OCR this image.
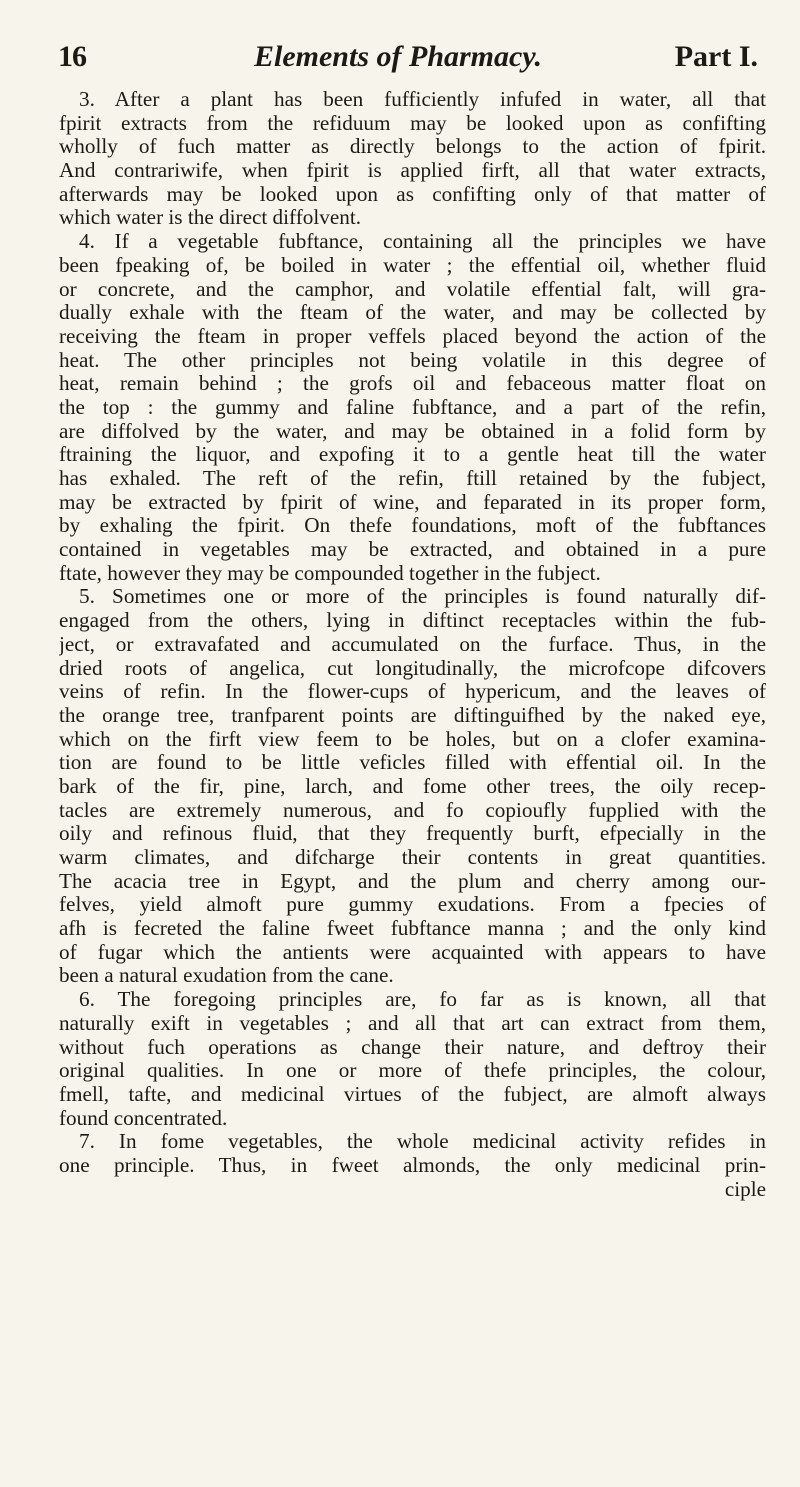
16	Elements of Pharmacy.	Part I.
3. After a plant has been fufficiently infufed in water, all that
fpirit extracts from the refiduum may be looked upon as confifting
wholly of fuch matter as directly belongs to the action of fpirit.
And contrariwife, when fpirit is applied firft, all that water extracts,
afterwards may be looked upon as confifting only of that matter of
which water is the direct diffolvent.
4. If a vegetable fubftance, containing all the principles we have
been fpeaking of, be boiled in water ; the effential oil, whether fluid
or concrete, and the camphor, and volatile effential falt, will gra-
dually exhale with the fteam of the water, and may be collected by
receiving the fteam in proper veffels placed beyond the action of the
heat. The other principles not being volatile in this degree of
heat, remain behind ; the grofs oil and febaceous matter float on
the top : the gummy and faline fubftance, and a part of the refin,
are diffolved by the water, and may be obtained in a folid form by
ftraining the liquor, and expofing it to a gentle heat till the water
has exhaled. The reft of the refin, ftill retained by the fubject,
may be extracted by fpirit of wine, and feparated in its proper form,
by exhaling the fpirit. On thefe foundations, moft of the fubftances
contained in vegetables may be extracted, and obtained in a pure
ftate, however they may be compounded together in the fubject.
5. Sometimes one or more of the principles is found naturally dif-
engaged from the others, lying in diftinct receptacles within the fub-
ject, or extravafated and accumulated on the furface. Thus, in the
dried roots of angelica, cut longitudinally, the microfcope difcovers
veins of refin. In the flower-cups of hypericum, and the leaves of
the orange tree, tranfparent points are diftinguifhed by the naked eye,
which on the firft view feem to be holes, but on a clofer examina-
tion are found to be little veficles filled with effential oil. In the
bark of the fir, pine, larch, and fome other trees, the oily recep-
tacles are extremely numerous, and fo copioufly fupplied with the
oily and refinous fluid, that they frequently burft, efpecially in the
warm climates, and difcharge their contents in great quantities.
The acacia tree in Egypt, and the plum and cherry among our-
felves, yield almoft pure gummy exudations. From a fpecies of
afh is fecreted the faline fweet fubftance manna ; and the only kind
of fugar which the antients were acquainted with appears to have
been a natural exudation from the cane.
6. The foregoing principles are, fo far as is known, all that
naturally exift in vegetables ; and all that art can extract from them,
without fuch operations as change their nature, and deftroy their
original qualities. In one or more of thefe principles, the colour,
fmell, tafte, and medicinal virtues of the fubject, are almoft always
found concentrated.
7. In fome vegetables, the whole medicinal activity refides in
one principle. Thus, in fweet almonds, the only medicinal prin-
ciple
